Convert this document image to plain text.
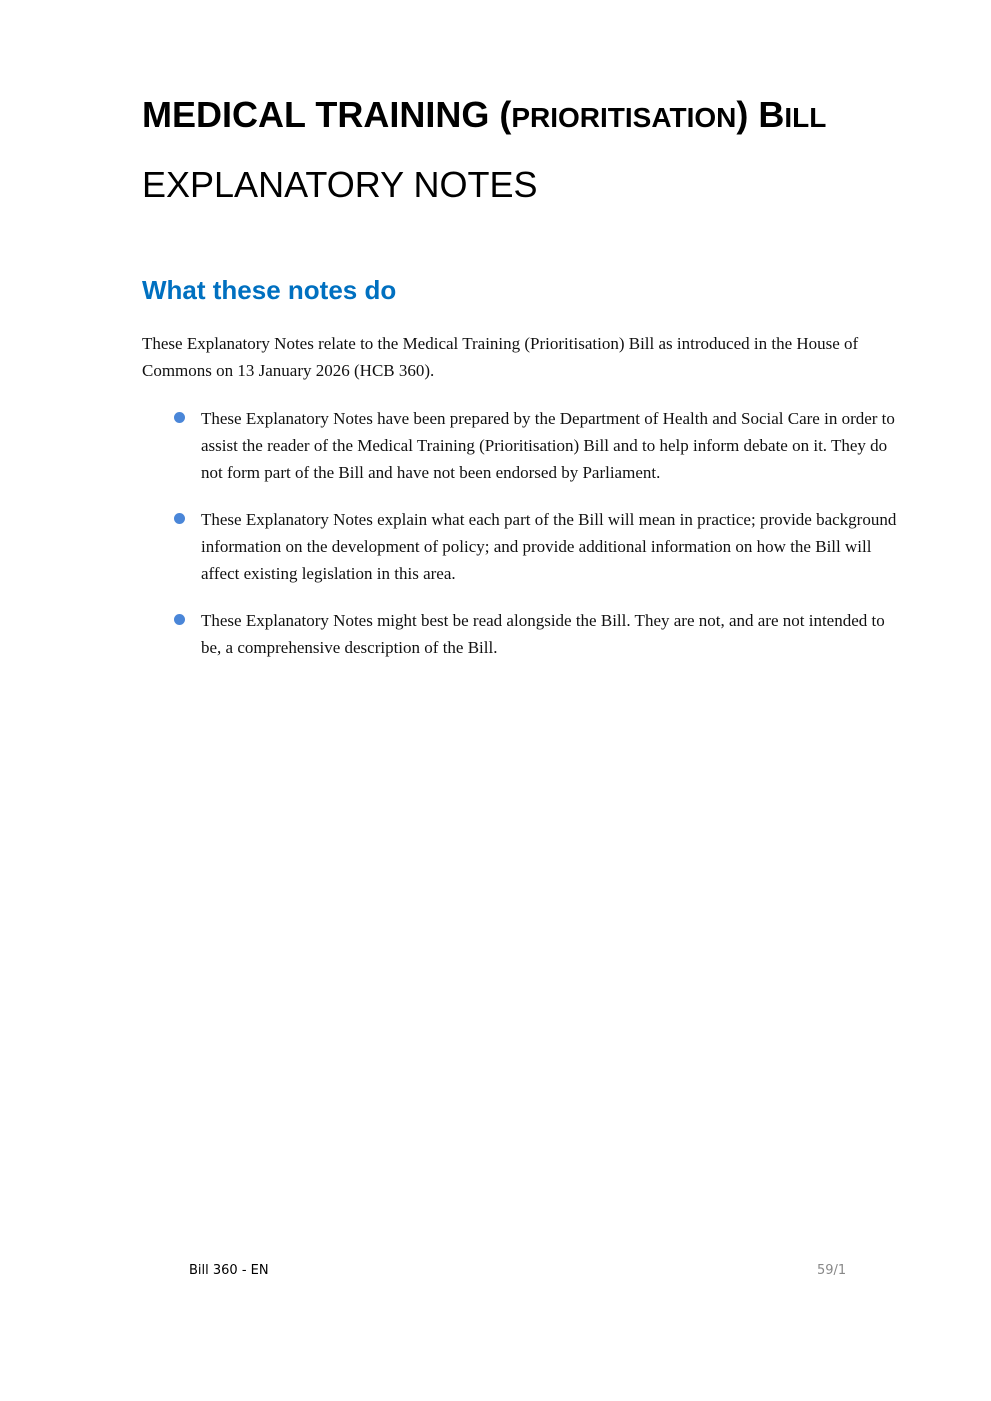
MEDICAL TRAINING (PRIORITISATION) BILL
EXPLANATORY NOTES
What these notes do
These Explanatory Notes relate to the Medical Training (Prioritisation) Bill as introduced in the House of Commons on 13 January 2026 (HCB 360).
These Explanatory Notes have been prepared by the Department of Health and Social Care in order to assist the reader of the Medical Training (Prioritisation) Bill and to help inform debate on it. They do not form part of the Bill and have not been endorsed by Parliament.
These Explanatory Notes explain what each part of the Bill will mean in practice; provide background information on the development of policy; and provide additional information on how the Bill will affect existing legislation in this area.
These Explanatory Notes might best be read alongside the Bill. They are not, and are not intended to be, a comprehensive description of the Bill.
Bill 360 - EN	59/1
